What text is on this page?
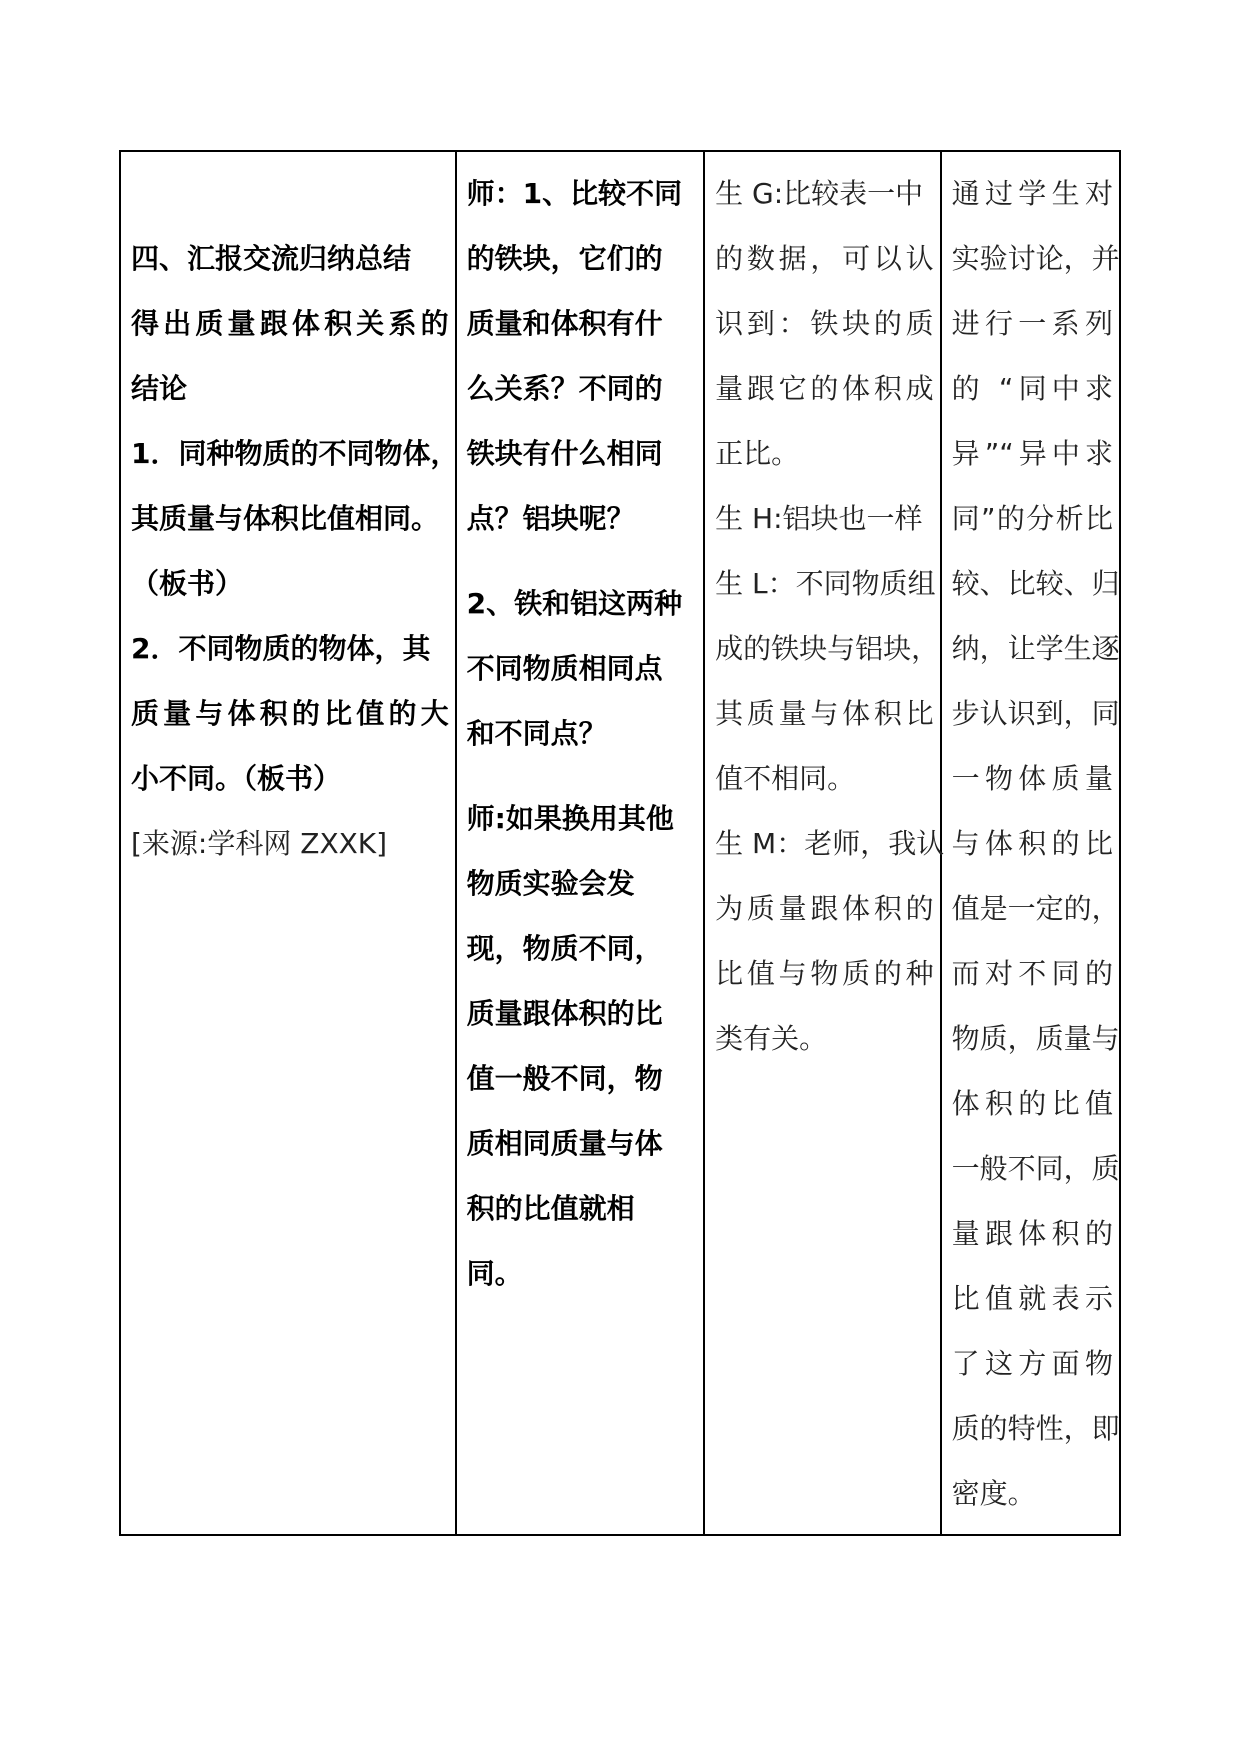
四、汇报交流归纳总结
得出质量跟体积关系的
结论
1．同种物质的不同物体，
其质量与体积比值相同。
（板书）
2．不同物质的物体，其
质量与体积的比值的大
小不同。（板书）
[来源:学科网 ZXXK]

师：1、比较不同
的铁块，它们的
质量和体积有什
么关系？不同的
铁块有什么相同
点？铝块呢？
2、铁和铝这两种
不同物质相同点
和不同点？
师:如果换用其他
物质实验会发
现，物质不同，
质量跟体积的比
值一般不同，物
质相同质量与体
积的比值就相
同。

生 G:比较表一中
的数据，可以认
识到：铁块的质
量跟它的体积成
正比。
生 H:铝块也一样
生 L：不同物质组
成的铁块与铝块，
其质量与体积比
值不相同。
生 M：老师，我认
为质量跟体积的
比值与物质的种
类有关。

通过学生对
实验讨论，并
进行一系列
的 “同中求
异”“异中求
同”的分析比
较、比较、归
纳，让学生逐
步认识到，同
一物体质量
与体积的比
值是一定的，
而对不同的
物质，质量与
体积的比值
一般不同，质
量跟体积的
比值就表示
了这方面物
质的特性，即
密度。
